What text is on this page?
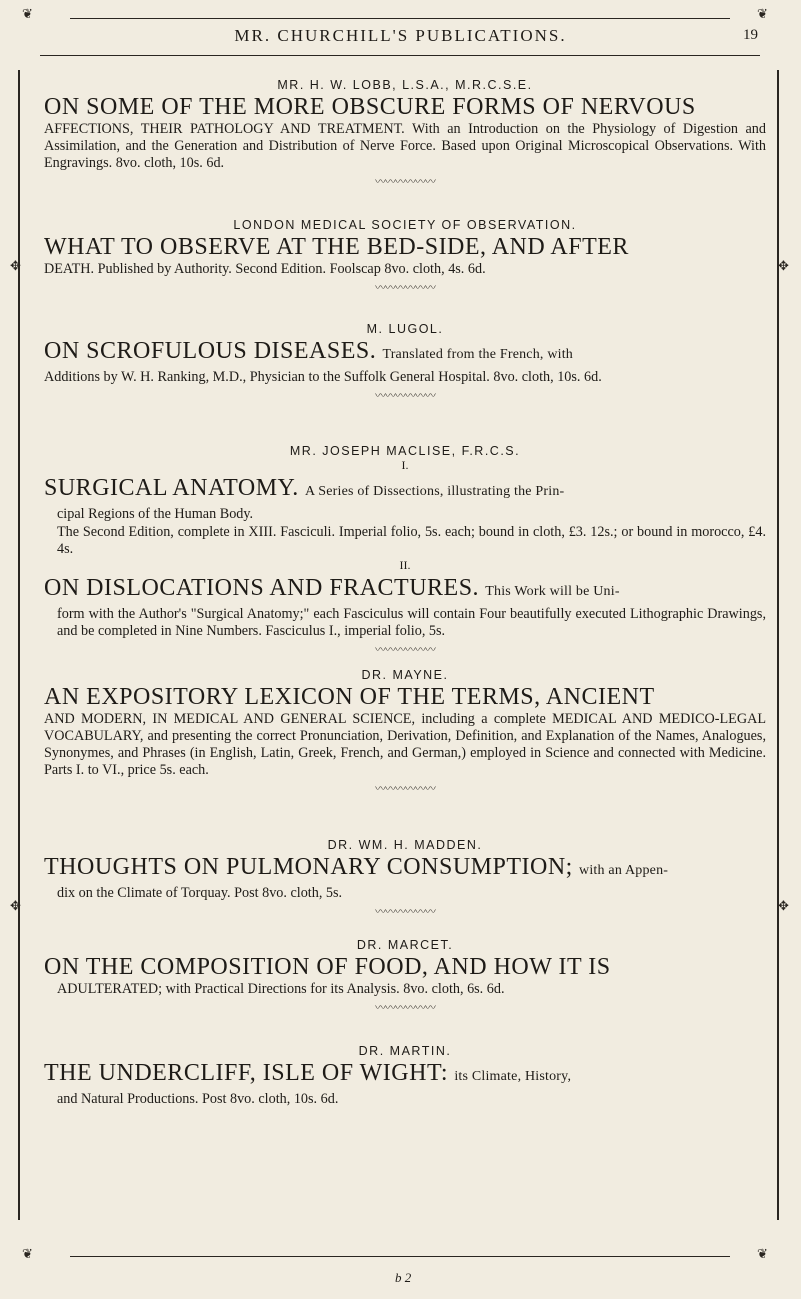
❦	❦
MR. CHURCHILL'S PUBLICATIONS.	19
✥	✥
✥	✥

MR. H. W. LOBB, L.S.A., M.R.C.S.E.

ON SOME OF THE MORE OBSCURE FORMS OF NERVOUS

AFFECTIONS, THEIR PATHOLOGY AND TREATMENT. With an Introduction on the Physiology of Digestion and Assimilation, and the Generation and Distribution of Nerve Force. Based upon Original Microscopical Observations. With Engravings. 8vo. cloth, 10s. 6d.

〰〰〰〰〰〰

LONDON MEDICAL SOCIETY OF OBSERVATION.

WHAT TO OBSERVE AT THE BED-SIDE, AND AFTER

DEATH. Published by Authority. Second Edition. Foolscap 8vo. cloth, 4s. 6d.

〰〰〰〰〰〰

M. LUGOL.

ON SCROFULOUS DISEASES. Translated from the French, with

Additions by W. H. Ranking, M.D., Physician to the Suffolk General Hospital. 8vo. cloth, 10s. 6d.

〰〰〰〰〰〰

MR. JOSEPH MACLISE, F.R.C.S.

I.

SURGICAL ANATOMY. A Series of Dissections, illustrating the Prin-

cipal Regions of the Human Body.

The Second Edition, complete in XIII. Fasciculi. Imperial folio, 5s. each; bound in cloth, £3. 12s.; or bound in morocco, £4. 4s.

II.

ON DISLOCATIONS AND FRACTURES. This Work will be Uni-

form with the Author's "Surgical Anatomy;" each Fasciculus will contain Four beautifully executed Lithographic Drawings, and be completed in Nine Numbers. Fasciculus I., imperial folio, 5s.

〰〰〰〰〰〰

DR. MAYNE.

AN EXPOSITORY LEXICON OF THE TERMS, ANCIENT

AND MODERN, IN MEDICAL AND GENERAL SCIENCE, including a complete MEDICAL AND MEDICO-LEGAL VOCABULARY, and presenting the correct Pronunciation, Derivation, Definition, and Explanation of the Names, Analogues, Synonymes, and Phrases (in English, Latin, Greek, French, and German,) employed in Science and connected with Medicine. Parts I. to VI., price 5s. each.

〰〰〰〰〰〰

DR. WM. H. MADDEN.

THOUGHTS ON PULMONARY CONSUMPTION; with an Appen-

dix on the Climate of Torquay. Post 8vo. cloth, 5s.

〰〰〰〰〰〰

DR. MARCET.

ON THE COMPOSITION OF FOOD, AND HOW IT IS

ADULTERATED; with Practical Directions for its Analysis. 8vo. cloth, 6s. 6d.

〰〰〰〰〰〰

DR. MARTIN.

THE UNDERCLIFF, ISLE OF WIGHT: its Climate, History,

and Natural Productions. Post 8vo. cloth, 10s. 6d.

❦	❦
b 2
